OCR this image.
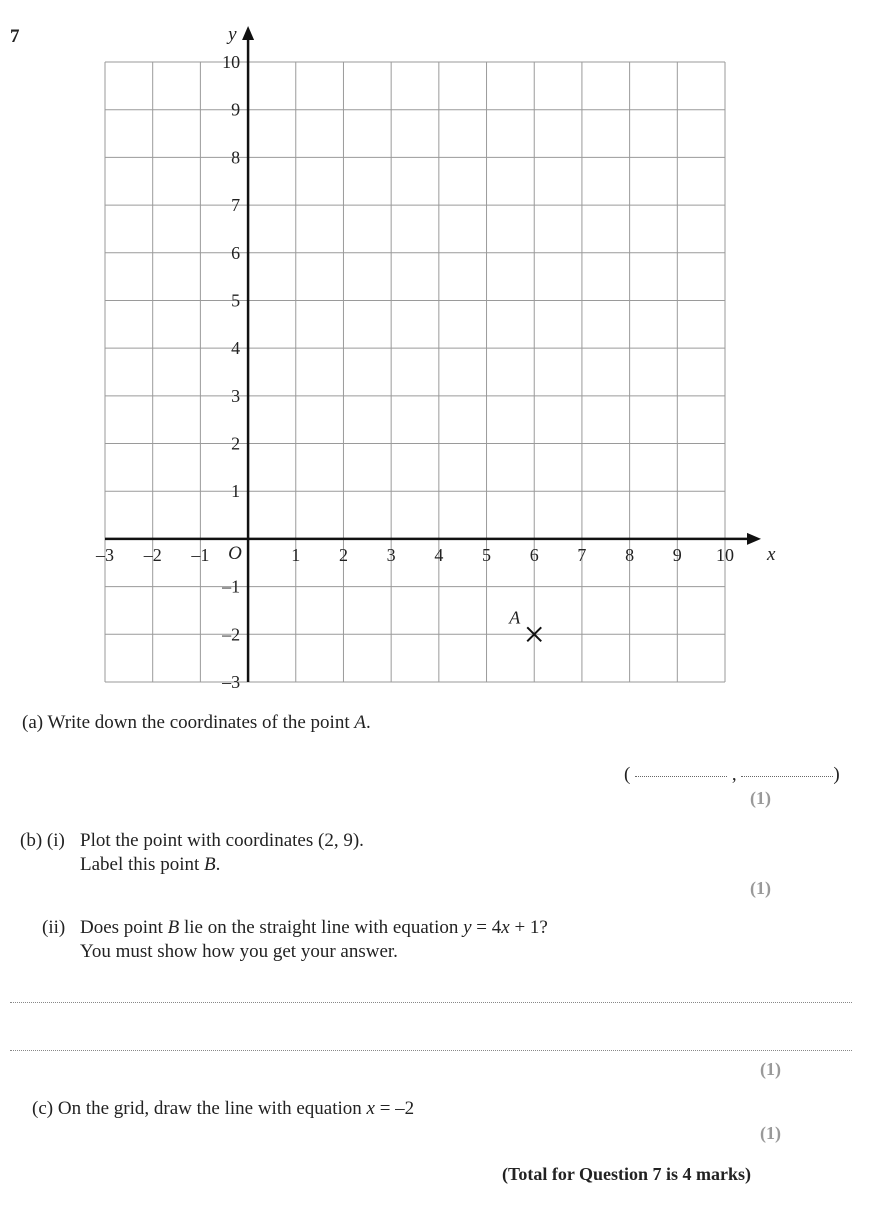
7
x
y
O
–3 –2 –1	1 2 3 4 5 6 7 8 9 10
10
9
8
7
6
5
4
3
2
1
–1
–2
–3
A
(a) Write down the coordinates of the point A.
(	,	)
(1)
(b) (i) Plot the point with coordinates (2, 9).
Label this point B.
(1)
(ii) Does point B lie on the straight line with equation y = 4x + 1?
You must show how you get your answer.
(1)
(c) On the grid, draw the line with equation x = –2
(1)
(Total for Question 7 is 4 marks)
